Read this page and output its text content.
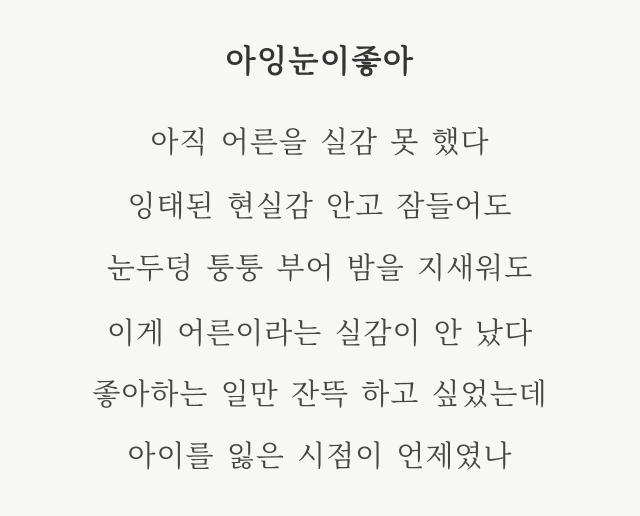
아잉눈이좋아

아직 어른을 실감 못 했다

잉태된 현실감 안고 잠들어도

눈두덩 퉁퉁 부어 밤을 지새워도

이게 어른이라는 실감이 안 났다

좋아하는 일만 잔뜩 하고 싶었는데

아이를 잃은 시점이 언제였나
